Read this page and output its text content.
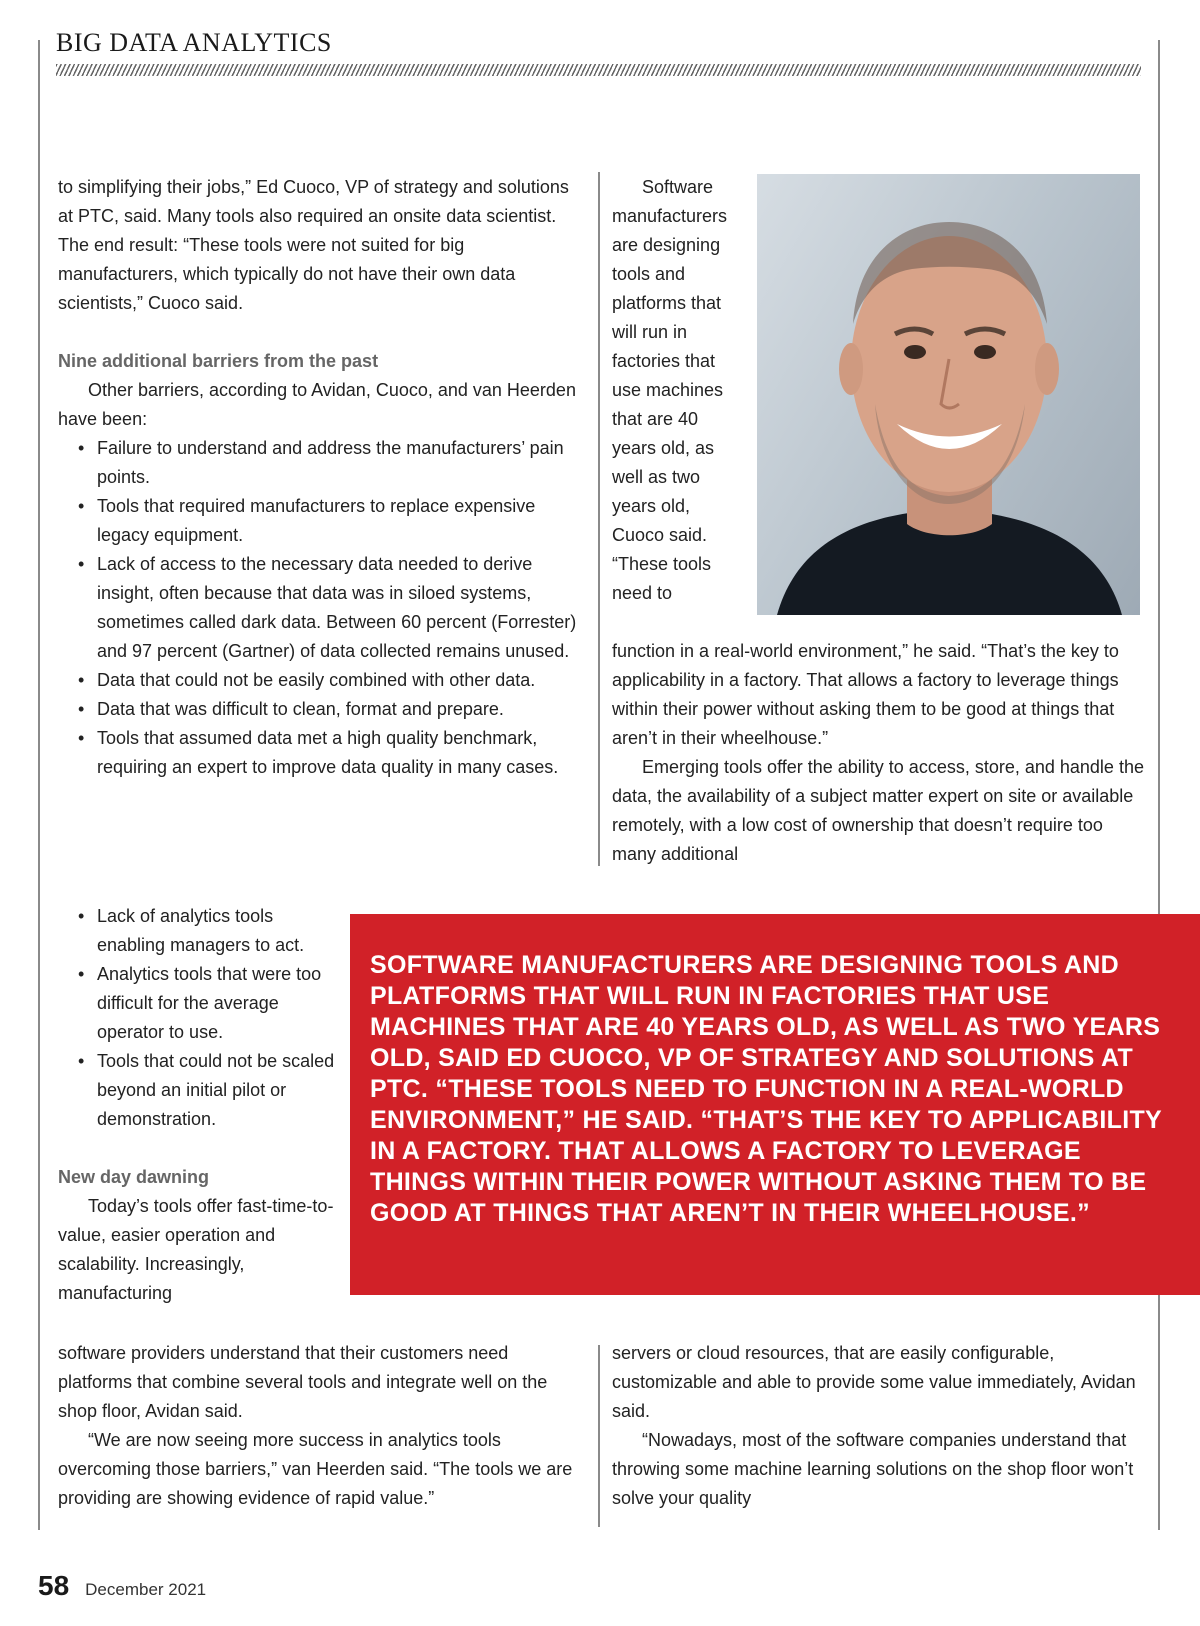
BIG DATA ANALYTICS

to simplifying their jobs,” Ed Cuoco, VP of strategy and solutions at PTC, said. Many tools also required an onsite data scientist. The end result: “These tools were not suited for big manufacturers, which typically do not have their own data scientists,” Cuoco said.

Nine additional barriers from the past

Other barriers, according to Avidan, Cuoco, and van Heerden have been:

• Failure to understand and address the manufacturers’ pain points.
• Tools that required manufacturers to replace expensive legacy equipment.
• Lack of access to the necessary data needed to derive insight, often because that data was in siloed systems, sometimes called dark data. Between 60 percent (Forrester) and 97 percent (Gartner) of data collected remains unused.
• Data that could not be easily combined with other data.
• Data that was difficult to clean, format and prepare.
• Tools that assumed data met a high quality benchmark, requiring an expert to improve data quality in many cases.
• Lack of analytics tools enabling managers to act.
• Analytics tools that were too difficult for the average operator to use.
• Tools that could not be scaled beyond an initial pilot or demonstration.

New day dawning

Today’s tools offer fast-time-to-value, easier operation and scalability. Increasingly, manufacturing

software providers understand that their customers need platforms that combine several tools and integrate well on the shop floor, Avidan said.

“We are now seeing more success in analytics tools overcoming those barriers,” van Heerden said. “The tools we are providing are showing evidence of rapid value.”

Software manufacturers are designing tools and platforms that will run in factories that use machines that are 40 years old, as well as two years old, Cuoco said. “These tools need to

function in a real-world environment,” he said. “That’s the key to applicability in a factory. That allows a factory to leverage things within their power without asking them to be good at things that aren’t in their wheelhouse.”

Emerging tools offer the ability to access, store, and handle the data, the availability of a subject matter expert on site or available remotely, with a low cost of ownership that doesn’t require too many additional

SOFTWARE MANUFACTURERS ARE DESIGNING TOOLS AND PLATFORMS THAT WILL RUN IN FACTORIES THAT USE MACHINES THAT ARE 40 YEARS OLD, AS WELL AS TWO YEARS OLD, SAID ED CUOCO, VP OF STRATEGY AND SOLUTIONS AT PTC. “THESE TOOLS NEED TO FUNCTION IN A REAL-WORLD ENVIRONMENT,” HE SAID. “THAT’S THE KEY TO APPLICABILITY IN A FACTORY. THAT ALLOWS A FACTORY TO LEVERAGE THINGS WITHIN THEIR POWER WITHOUT ASKING THEM TO BE GOOD AT THINGS THAT AREN’T IN THEIR WHEELHOUSE.”

servers or cloud resources, that are easily configurable, customizable and able to provide some value immediately, Avidan said.

“Nowadays, most of the software companies understand that throwing some machine learning solutions on the shop floor won’t solve your quality

58 December 2021
